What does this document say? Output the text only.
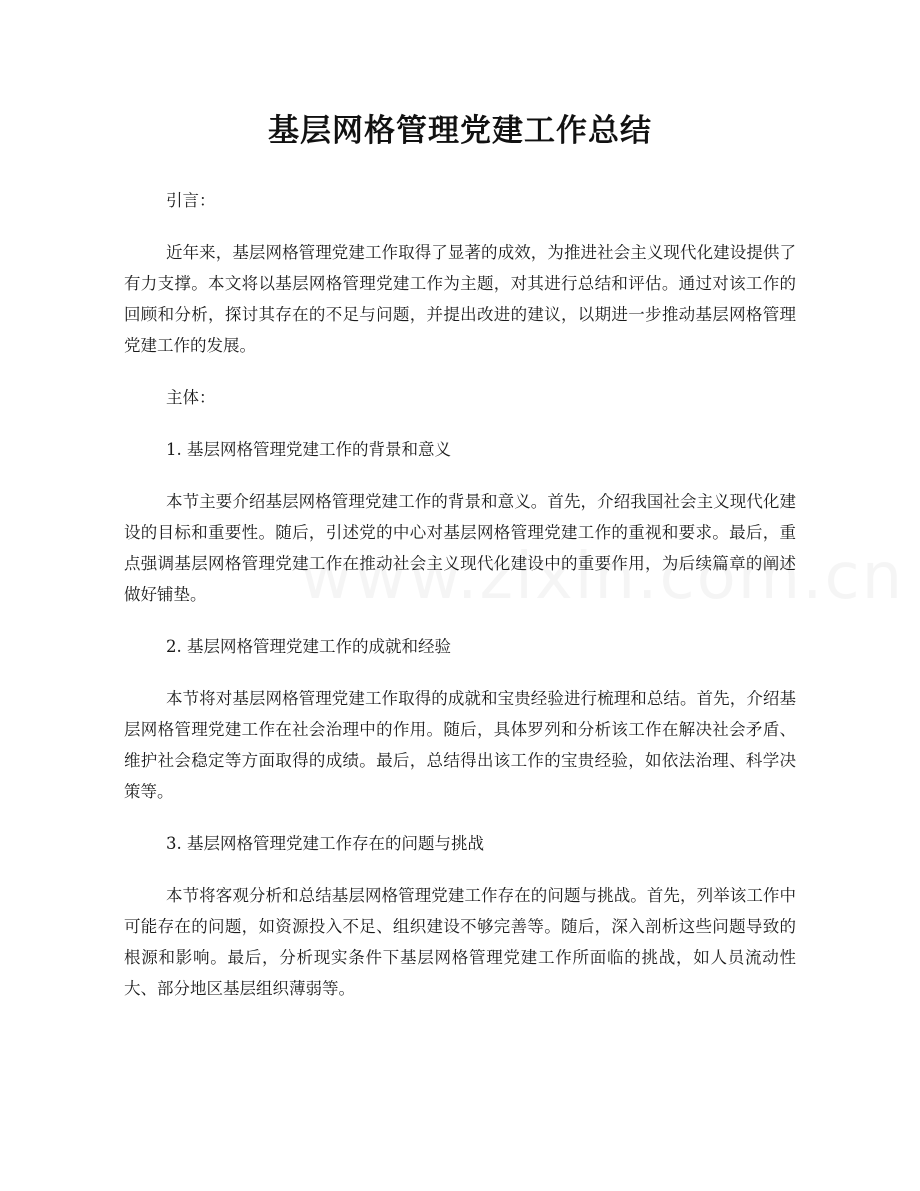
基层网格管理党建工作总结
引言：
近年来，基层网格管理党建工作取得了显著的成效，为推进社会主义现代化建设提供了有力支撑。本文将以基层网格管理党建工作为主题，对其进行总结和评估。通过对该工作的回顾和分析，探讨其存在的不足与问题，并提出改进的建议，以期进一步推动基层网格管理党建工作的发展。
主体：
1. 基层网格管理党建工作的背景和意义
本节主要介绍基层网格管理党建工作的背景和意义。首先，介绍我国社会主义现代化建设的目标和重要性。随后，引述党的中心对基层网格管理党建工作的重视和要求。最后，重点强调基层网格管理党建工作在推动社会主义现代化建设中的重要作用，为后续篇章的阐述做好铺垫。
2. 基层网格管理党建工作的成就和经验
本节将对基层网格管理党建工作取得的成就和宝贵经验进行梳理和总结。首先，介绍基层网格管理党建工作在社会治理中的作用。随后，具体罗列和分析该工作在解决社会矛盾、维护社会稳定等方面取得的成绩。最后，总结得出该工作的宝贵经验，如依法治理、科学决策等。
3. 基层网格管理党建工作存在的问题与挑战
本节将客观分析和总结基层网格管理党建工作存在的问题与挑战。首先，列举该工作中可能存在的问题，如资源投入不足、组织建设不够完善等。随后，深入剖析这些问题导致的根源和影响。最后，分析现实条件下基层网格管理党建工作所面临的挑战，如人员流动性大、部分地区基层组织薄弱等。
